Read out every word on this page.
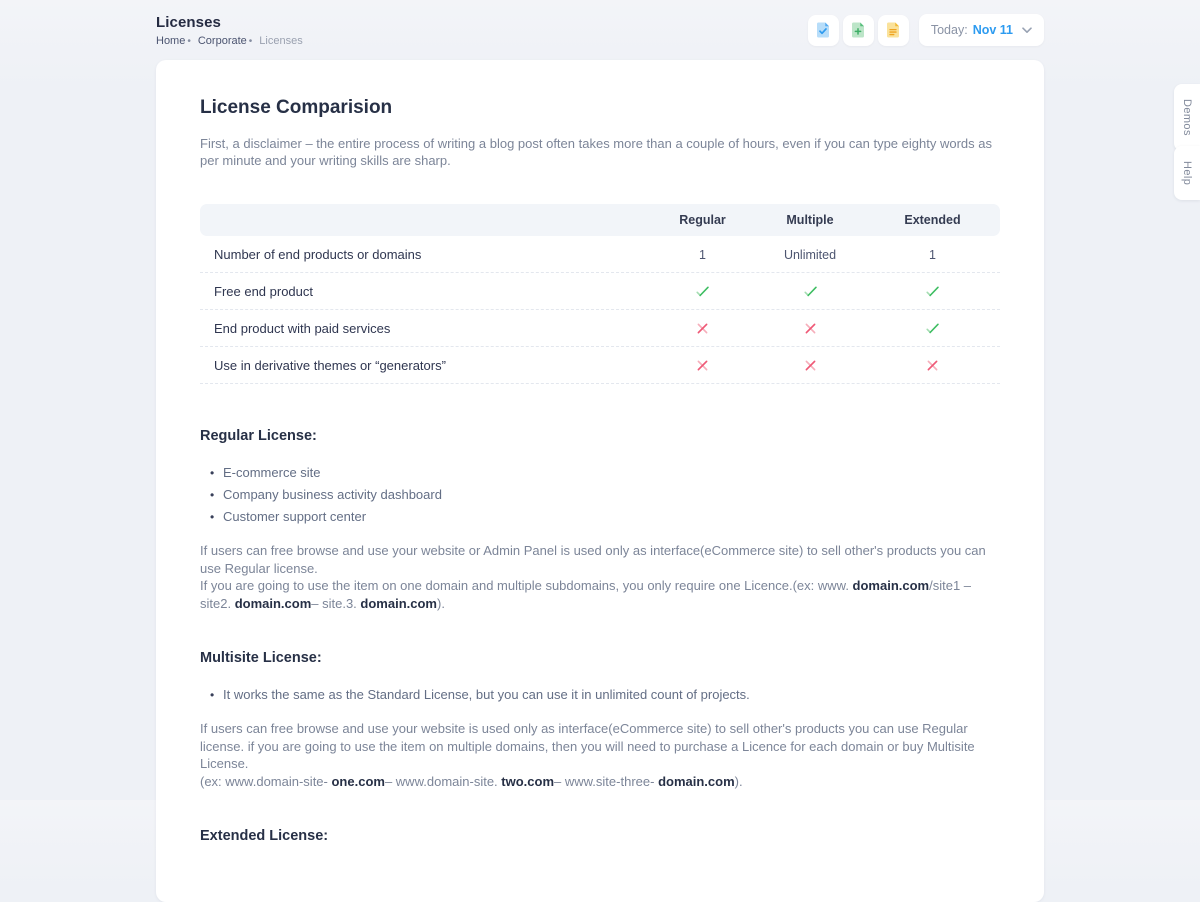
Licenses
Home • Corporate • Licenses
Today: Nov 11
License Comparision

First, a disclaimer – the entire process of writing a blog post often takes more than a couple of hours, even if you can type eighty words as per minute and your writing skills are sharp.

Regular	Multiple	Extended
Number of end products or domains	1	Unlimited	1
Free end product
End product with paid services
Use in derivative themes or “generators”
Regular License:
• E-commerce site
• Company business activity dashboard
• Customer support center

If users can free browse and use your website or Admin Panel is used only as interface(eCommerce site) to sell other's products you can use Regular license.

If you are going to use the item on one domain and multiple subdomains, you only require one Licence.(ex: www. domain.com/site1 – site2. domain.com– site.3. domain.com).

Multisite License:
• It works the same as the Standard License, but you can use it in unlimited count of projects.

If users can free browse and use your website is used only as interface(eCommerce site) to sell other's products you can use Regular license. if you are going to use the item on multiple domains, then you will need to purchase a Licence for each domain or buy Multisite License.

(ex: www.domain-site- one.com– www.domain-site. two.com– www.site-three- domain.com).

Extended License:
Demos
Help
